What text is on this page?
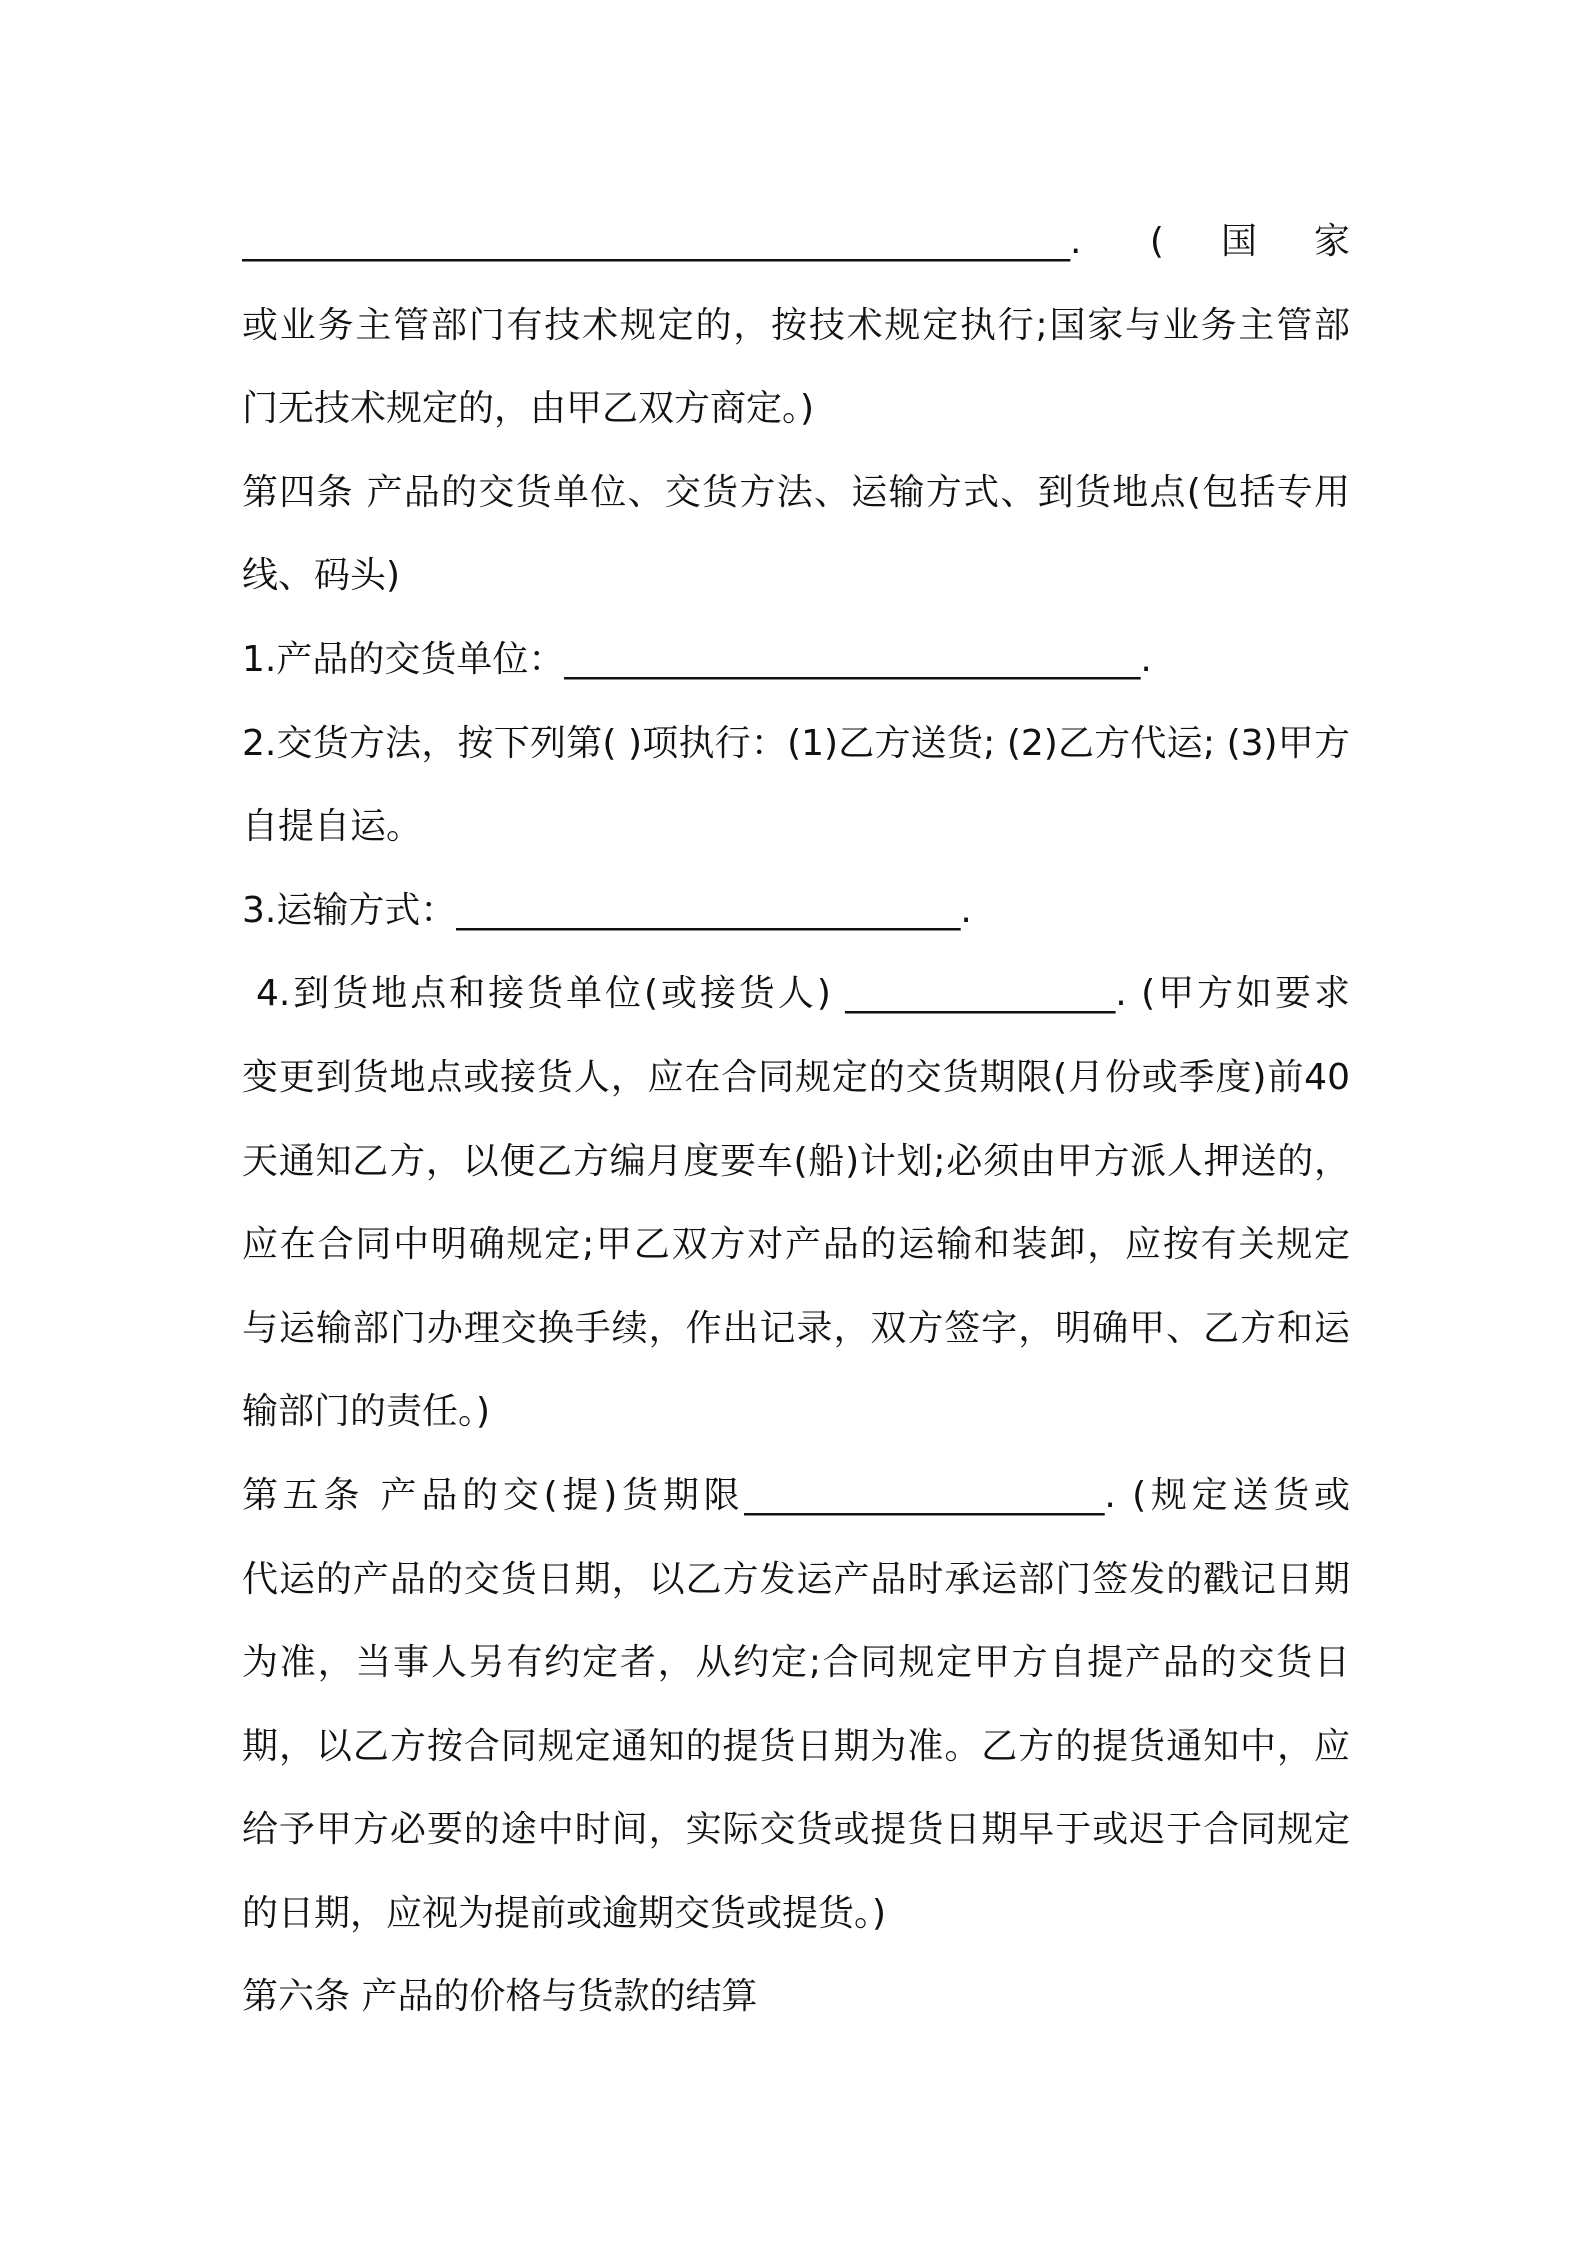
______________________________________________. (国家
或业务主管部门有技术规定的，按技术规定执行;国家与业务主管部
门无技术规定的，由甲乙双方商定。)
第四条 产品的交货单位、交货方法、运输方式、到货地点(包括专用
线、码头)
1.产品的交货单位：________________________________.
2.交货方法，按下列第( )项执行：(1)乙方送货; (2)乙方代运; (3)甲方
自提自运。
3.运输方式：____________________________.
4.到货地点和接货单位(或接货人) _______________. (甲方如要求
变更到货地点或接货人，应在合同规定的交货期限(月份或季度)前40
天通知乙方，以便乙方编月度要车(船)计划;必须由甲方派人押送的，
应在合同中明确规定;甲乙双方对产品的运输和装卸，应按有关规定
与运输部门办理交换手续，作出记录，双方签字，明确甲、乙方和运
输部门的责任。)
第五条 产品的交(提)货期限____________________. (规定送货或
代运的产品的交货日期，以乙方发运产品时承运部门签发的戳记日期
为准，当事人另有约定者，从约定;合同规定甲方自提产品的交货日
期，以乙方按合同规定通知的提货日期为准。乙方的提货通知中，应
给予甲方必要的途中时间，实际交货或提货日期早于或迟于合同规定
的日期，应视为提前或逾期交货或提货。)
第六条 产品的价格与货款的结算
